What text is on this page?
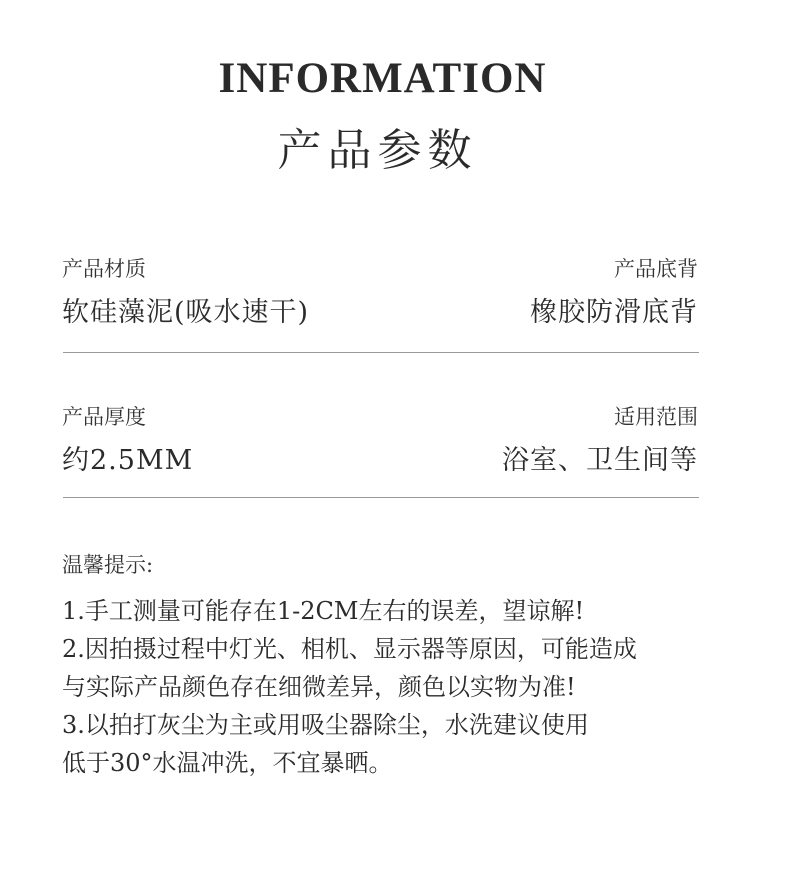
INFORMATION
产品参数
产品材质
软硅藻泥(吸水速干)
产品底背
橡胶防滑底背
产品厚度
约2.5MM
适用范围
浴室、卫生间等
温馨提示:
1.手工测量可能存在1-2CM左右的误差，望谅解!
2.因拍摄过程中灯光、相机、显示器等原因，可能造成
与实际产品颜色存在细微差异，颜色以实物为准!
3.以拍打灰尘为主或用吸尘器除尘，水洗建议使用
低于30°水温冲洗，不宜暴晒。
